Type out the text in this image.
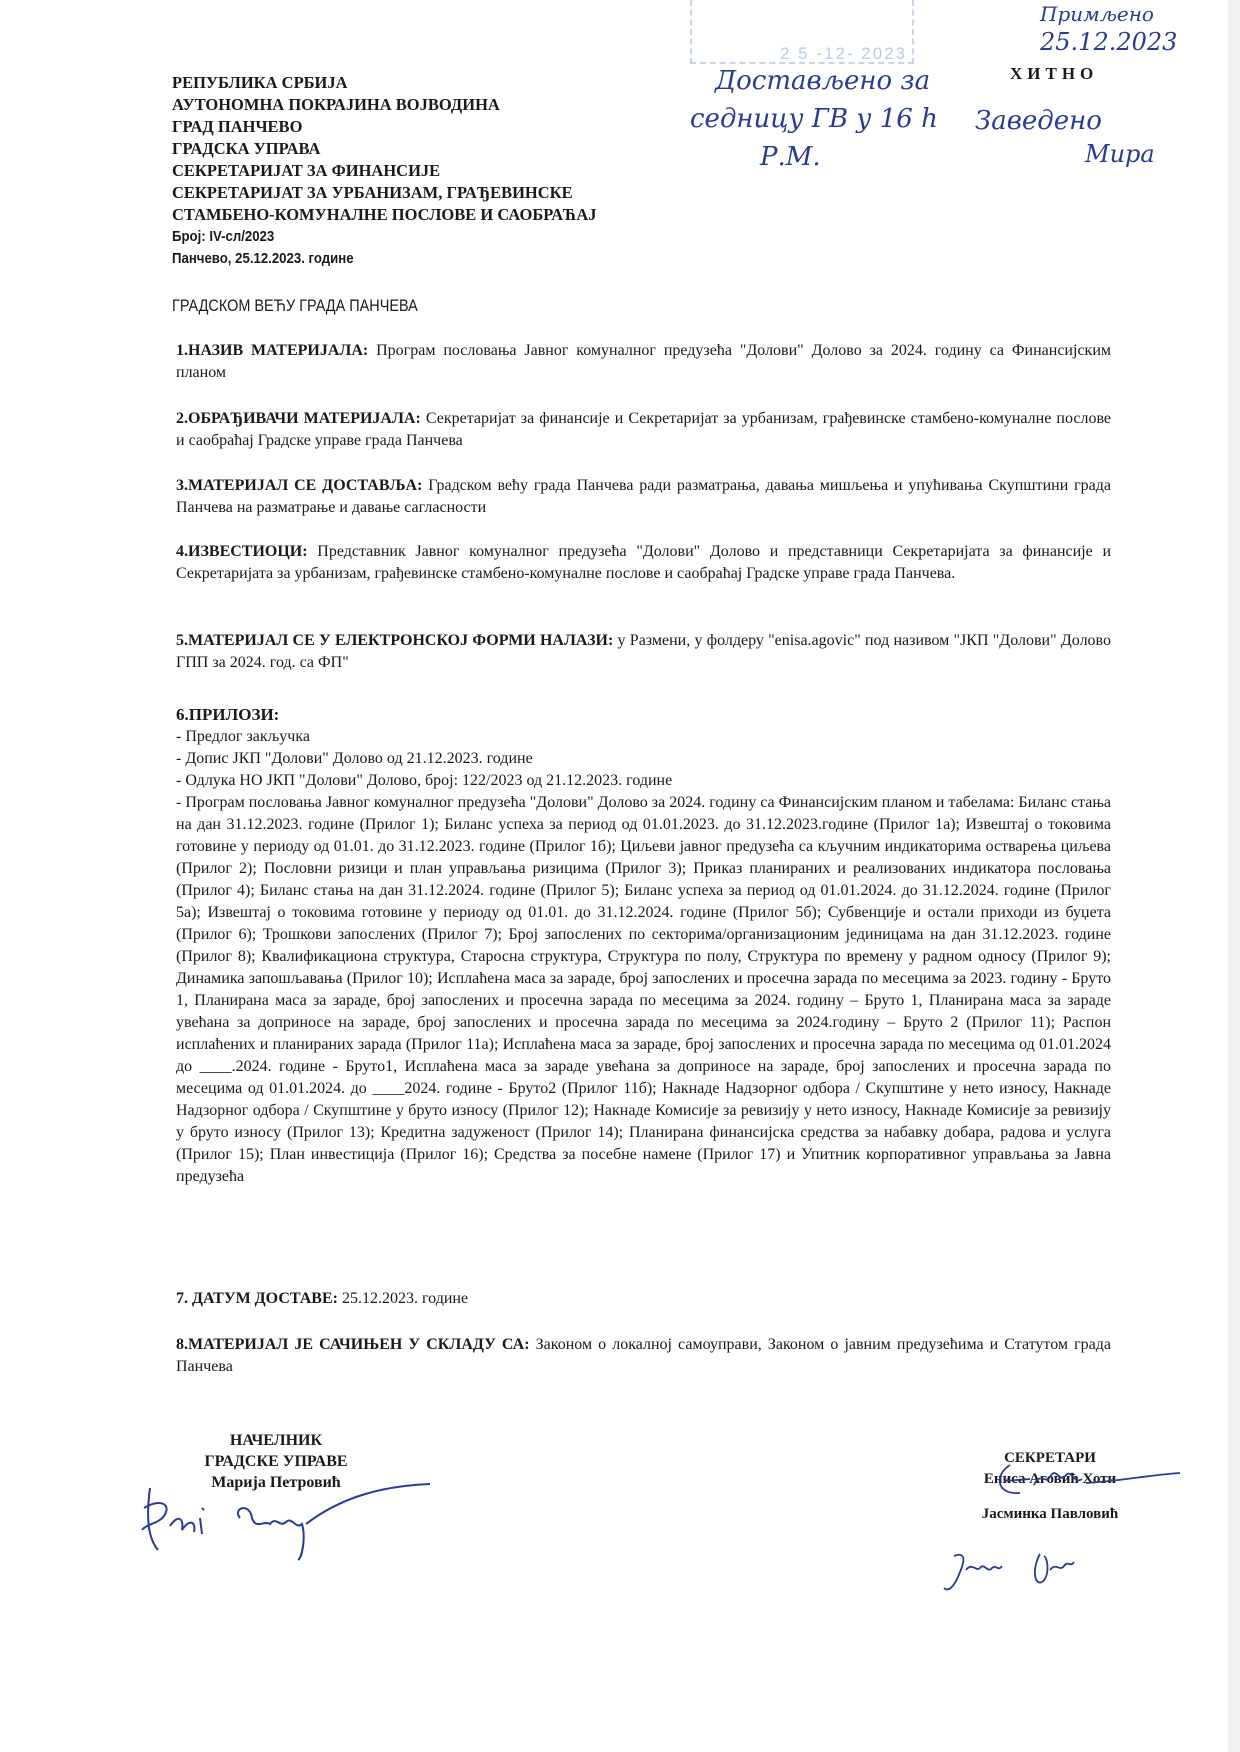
2 5 -12- 2023
Примљено
25.12.2023
Достављено за
седницу ГВ у 16 h
Р.М.
Заведено
Мира
РЕПУБЛИКА СРБИЈА
АУТОНОМНА ПОКРАЈИНА ВОЈВОДИНА
ГРАД ПАНЧЕВО
ГРАДСКА УПРАВА
СЕКРЕТАРИЈАТ ЗА ФИНАНСИЈЕ
СЕКРЕТАРИЈАТ ЗА УРБАНИЗАМ, ГРАЂЕВИНСКЕ
СТАМБЕНО-КОМУНАЛНЕ ПОСЛОВЕ И САОБРАЋАЈ
Број: IV-сл/2023
Панчево, 25.12.2023. године
ХИТНО
ГРАДСКОМ ВЕЋУ ГРАДА ПАНЧЕВА
1.НАЗИВ МАТЕРИЈАЛА: Програм пословања Јавног комуналног предузећа "Долови" Долово за 2024. годину са Финансијским планом
2.ОБРАЂИВАЧИ МАТЕРИЈАЛА: Секретаријат за финансије и Секретаријат за урбанизам, грађевинске стамбено-комуналне послове и саобраћај Градске управе града Панчева
3.МАТЕРИЈАЛ СЕ ДОСТАВЉА: Градском већу града Панчева ради разматрања, давања мишљења и упућивања Скупштини града Панчева на разматрање и давање сагласности
4.ИЗВЕСТИОЦИ: Представник Јавног комуналног предузећа "Долови" Долово и представници Секретаријата за финансије и Секретаријата за урбанизам, грађевинске стамбено-комуналне послове и саобраћај Градске управе града Панчева.
5.МАТЕРИЈАЛ СЕ У ЕЛЕКТРОНСКОЈ ФОРМИ НАЛАЗИ: у Размени, у фолдеру "enisa.agovic" под називом "ЈКП "Долови" Долово ГПП за 2024. год. са ФП"
6.ПРИЛОЗИ:
- Предлог закључка
- Допис ЈКП "Долови" Долово од 21.12.2023. године
- Одлука НО ЈКП "Долови" Долово, број: 122/2023 од 21.12.2023. године
- Програм пословања Јавног комуналног предузећа "Долови" Долово за 2024. годину са Финансијским планом и табелама: Биланс стања на дан 31.12.2023. године (Прилог 1); Биланс успеха за период од 01.01.2023. до 31.12.2023.године (Прилог 1а); Извештај о токовима готовине у периоду од 01.01. до 31.12.2023. године (Прилог 1б); Циљеви јавног предузећа са кључним индикаторима остварења циљева (Прилог 2); Пословни ризици и план управљања ризицима (Прилог 3); Приказ планираних и реализованих индикатора пословања (Прилог 4); Биланс стања на дан 31.12.2024. године (Прилог 5); Биланс успеха за период од 01.01.2024. до 31.12.2024. године (Прилог 5а); Извештај о токовима готовине у периоду од 01.01. до 31.12.2024. године (Прилог 5б); Субвенције и остали приходи из буџета (Прилог 6); Трошкови запослених (Прилог 7); Број запослених по секторима/организационим јединицама на дан 31.12.2023. године (Прилог 8); Квалификациона структура, Старосна структура, Структура по полу, Структура по времену у радном односу (Прилог 9); Динамика запошљавања (Прилог 10); Исплаћена маса за зараде, број запослених и просечна зарада по месецима за 2023. годину - Бруто 1, Планирана маса за зараде, број запослених и просечна зарада по месецима за 2024. годину – Бруто 1, Планирана маса за зараде увећана за доприносе на зараде, број запослених и просечна зарада по месецима за 2024.годину – Бруто 2 (Прилог 11); Распон исплаћених и планираних зарада (Прилог 11а); Исплаћена маса за зараде, број запослених и просечна зарада по месецима од 01.01.2024 до ____.2024. године - Бруто1, Исплаћена маса за зараде увећана за доприносе на зараде, број запослених и просечна зарада по месецима од 01.01.2024. до ____2024. године - Бруто2 (Прилог 11б); Накнаде Надзорног одбора / Скупштине у нето износу, Накнаде Надзорног одбора / Скупштине у бруто износу (Прилог 12); Накнаде Комисије за ревизију у нето износу, Накнаде Комисије за ревизију у бруто износу (Прилог 13); Кредитна задуженост (Прилог 14); Планирана финансијска средства за набавку добара, радова и услуга (Прилог 15); План инвестиција (Прилог 16); Средства за посебне намене (Прилог 17) и Упитник корпоративног управљања за Јавна предузећа
7. ДАТУМ ДОСТАВЕ: 25.12.2023. године
8.МАТЕРИЈАЛ ЈЕ САЧИЊЕН У СКЛАДУ СА: Законом о локалној самоуправи, Законом о јавним предузећима и Статутом града Панчева
НАЧЕЛНИК
ГРАДСКЕ УПРАВЕ
Марија Петровић
СЕКРЕТАРИ
Ениса Аговић Хоти
Јасминка Павловић
